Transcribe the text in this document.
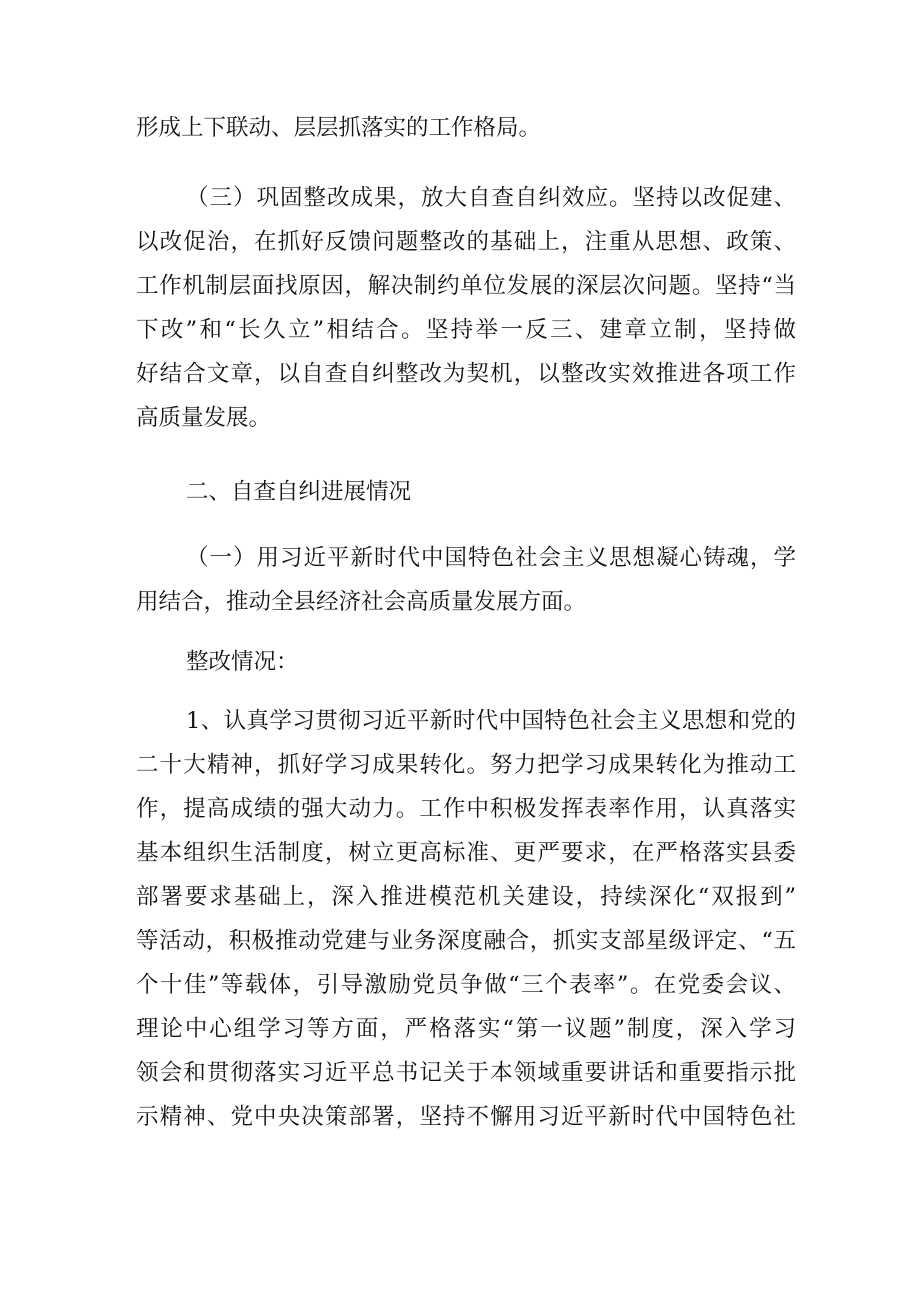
形成上下联动、层层抓落实的工作格局。
（三）巩固整改成果，放大自查自纠效应。坚持以改促建、
以改促治，在抓好反馈问题整改的基础上，注重从思想、政策、
工作机制层面找原因，解决制约单位发展的深层次问题。坚持“当
下改”和“长久立”相结合。坚持举一反三、建章立制，坚持做
好结合文章，以自查自纠整改为契机，以整改实效推进各项工作
高质量发展。
二、自查自纠进展情况
（一）用习近平新时代中国特色社会主义思想凝心铸魂，学
用结合，推动全县经济社会高质量发展方面。
整改情况：
1、认真学习贯彻习近平新时代中国特色社会主义思想和党的
二十大精神，抓好学习成果转化。努力把学习成果转化为推动工
作，提高成绩的强大动力。工作中积极发挥表率作用，认真落实
基本组织生活制度，树立更高标准、更严要求，在严格落实县委
部署要求基础上，深入推进模范机关建设，持续深化“双报到”
等活动，积极推动党建与业务深度融合，抓实支部星级评定、“五
个十佳”等载体，引导激励党员争做“三个表率”。在党委会议、
理论中心组学习等方面，严格落实“第一议题”制度，深入学习
领会和贯彻落实习近平总书记关于本领域重要讲话和重要指示批
示精神、党中央决策部署，坚持不懈用习近平新时代中国特色社
